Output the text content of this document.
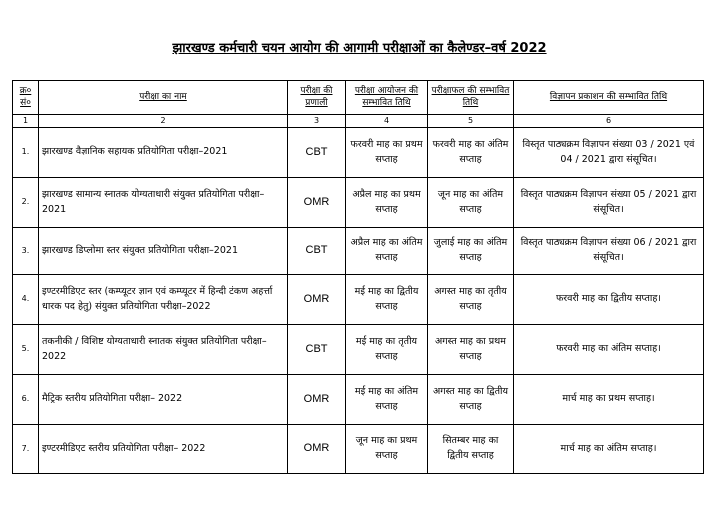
झारखण्ड कर्मचारी चयन आयोग की आगामी परीक्षाओं का कैलेण्डर–वर्ष 2022
क्र० सं०	परीक्षा का नाम	परीक्षा की प्रणाली	परीक्षा आयोजन की सम्भावित तिथि	परीक्षाफल की सम्भावित तिथि	विज्ञापन प्रकाशन की सम्भावित तिथि
1	2	3	4	5	6
1.	झारखण्ड वैज्ञानिक सहायक प्रतियोगिता परीक्षा–2021	CBT	फरवरी माह का प्रथम सप्ताह	फरवरी माह का अंतिम सप्ताह	विस्तृत पाठ्यक्रम विज्ञापन संख्या 03 / 2021 एवं 04 / 2021 द्वारा संसूचित।
2.	झारखण्ड सामान्य स्नातक योग्यताधारी संयुक्त प्रतियोगिता परीक्षा–2021	OMR	अप्रैल माह का प्रथम सप्ताह	जून माह का अंतिम सप्ताह	विस्तृत पाठ्यक्रम विज्ञापन संख्या 05 / 2021 द्वारा संसूचित।
3.	झारखण्ड डिप्लोमा स्तर संयुक्त प्रतियोगिता परीक्षा–2021	CBT	अप्रैल माह का अंतिम सप्ताह	जुलाई माह का अंतिम सप्ताह	विस्तृत पाठ्यक्रम विज्ञापन संख्या 06 / 2021 द्वारा संसूचित।
4.	इण्टरमीडिएट स्तर (कम्प्यूटर ज्ञान एवं कम्प्यूटर में हिन्दी टंकण अहर्त्ता धारक पद हेतु) संयुक्त प्रतियोगिता परीक्षा–2022	OMR	मई माह का द्वितीय सप्ताह	अगस्त माह का तृतीय सप्ताह	फरवरी माह का द्वितीय सप्ताह।
5.	तकनीकी / विशिष्ट योग्यताधारी स्नातक संयुक्त प्रतियोगिता परीक्षा–2022	CBT	मई माह का तृतीय सप्ताह	अगस्त माह का प्रथम सप्ताह	फरवरी माह का अंतिम सप्ताह।
6.	मैट्रिक स्तरीय प्रतियोगिता परीक्षा– 2022	OMR	मई माह का अंतिम सप्ताह	अगस्त माह का द्वितीय सप्ताह	मार्च माह का प्रथम सप्ताह।
7.	इण्टरमीडिएट स्तरीय प्रतियोगिता परीक्षा– 2022	OMR	जून माह का प्रथम सप्ताह	सितम्बर माह का द्वितीय सप्ताह	मार्च माह का अंतिम सप्ताह।
